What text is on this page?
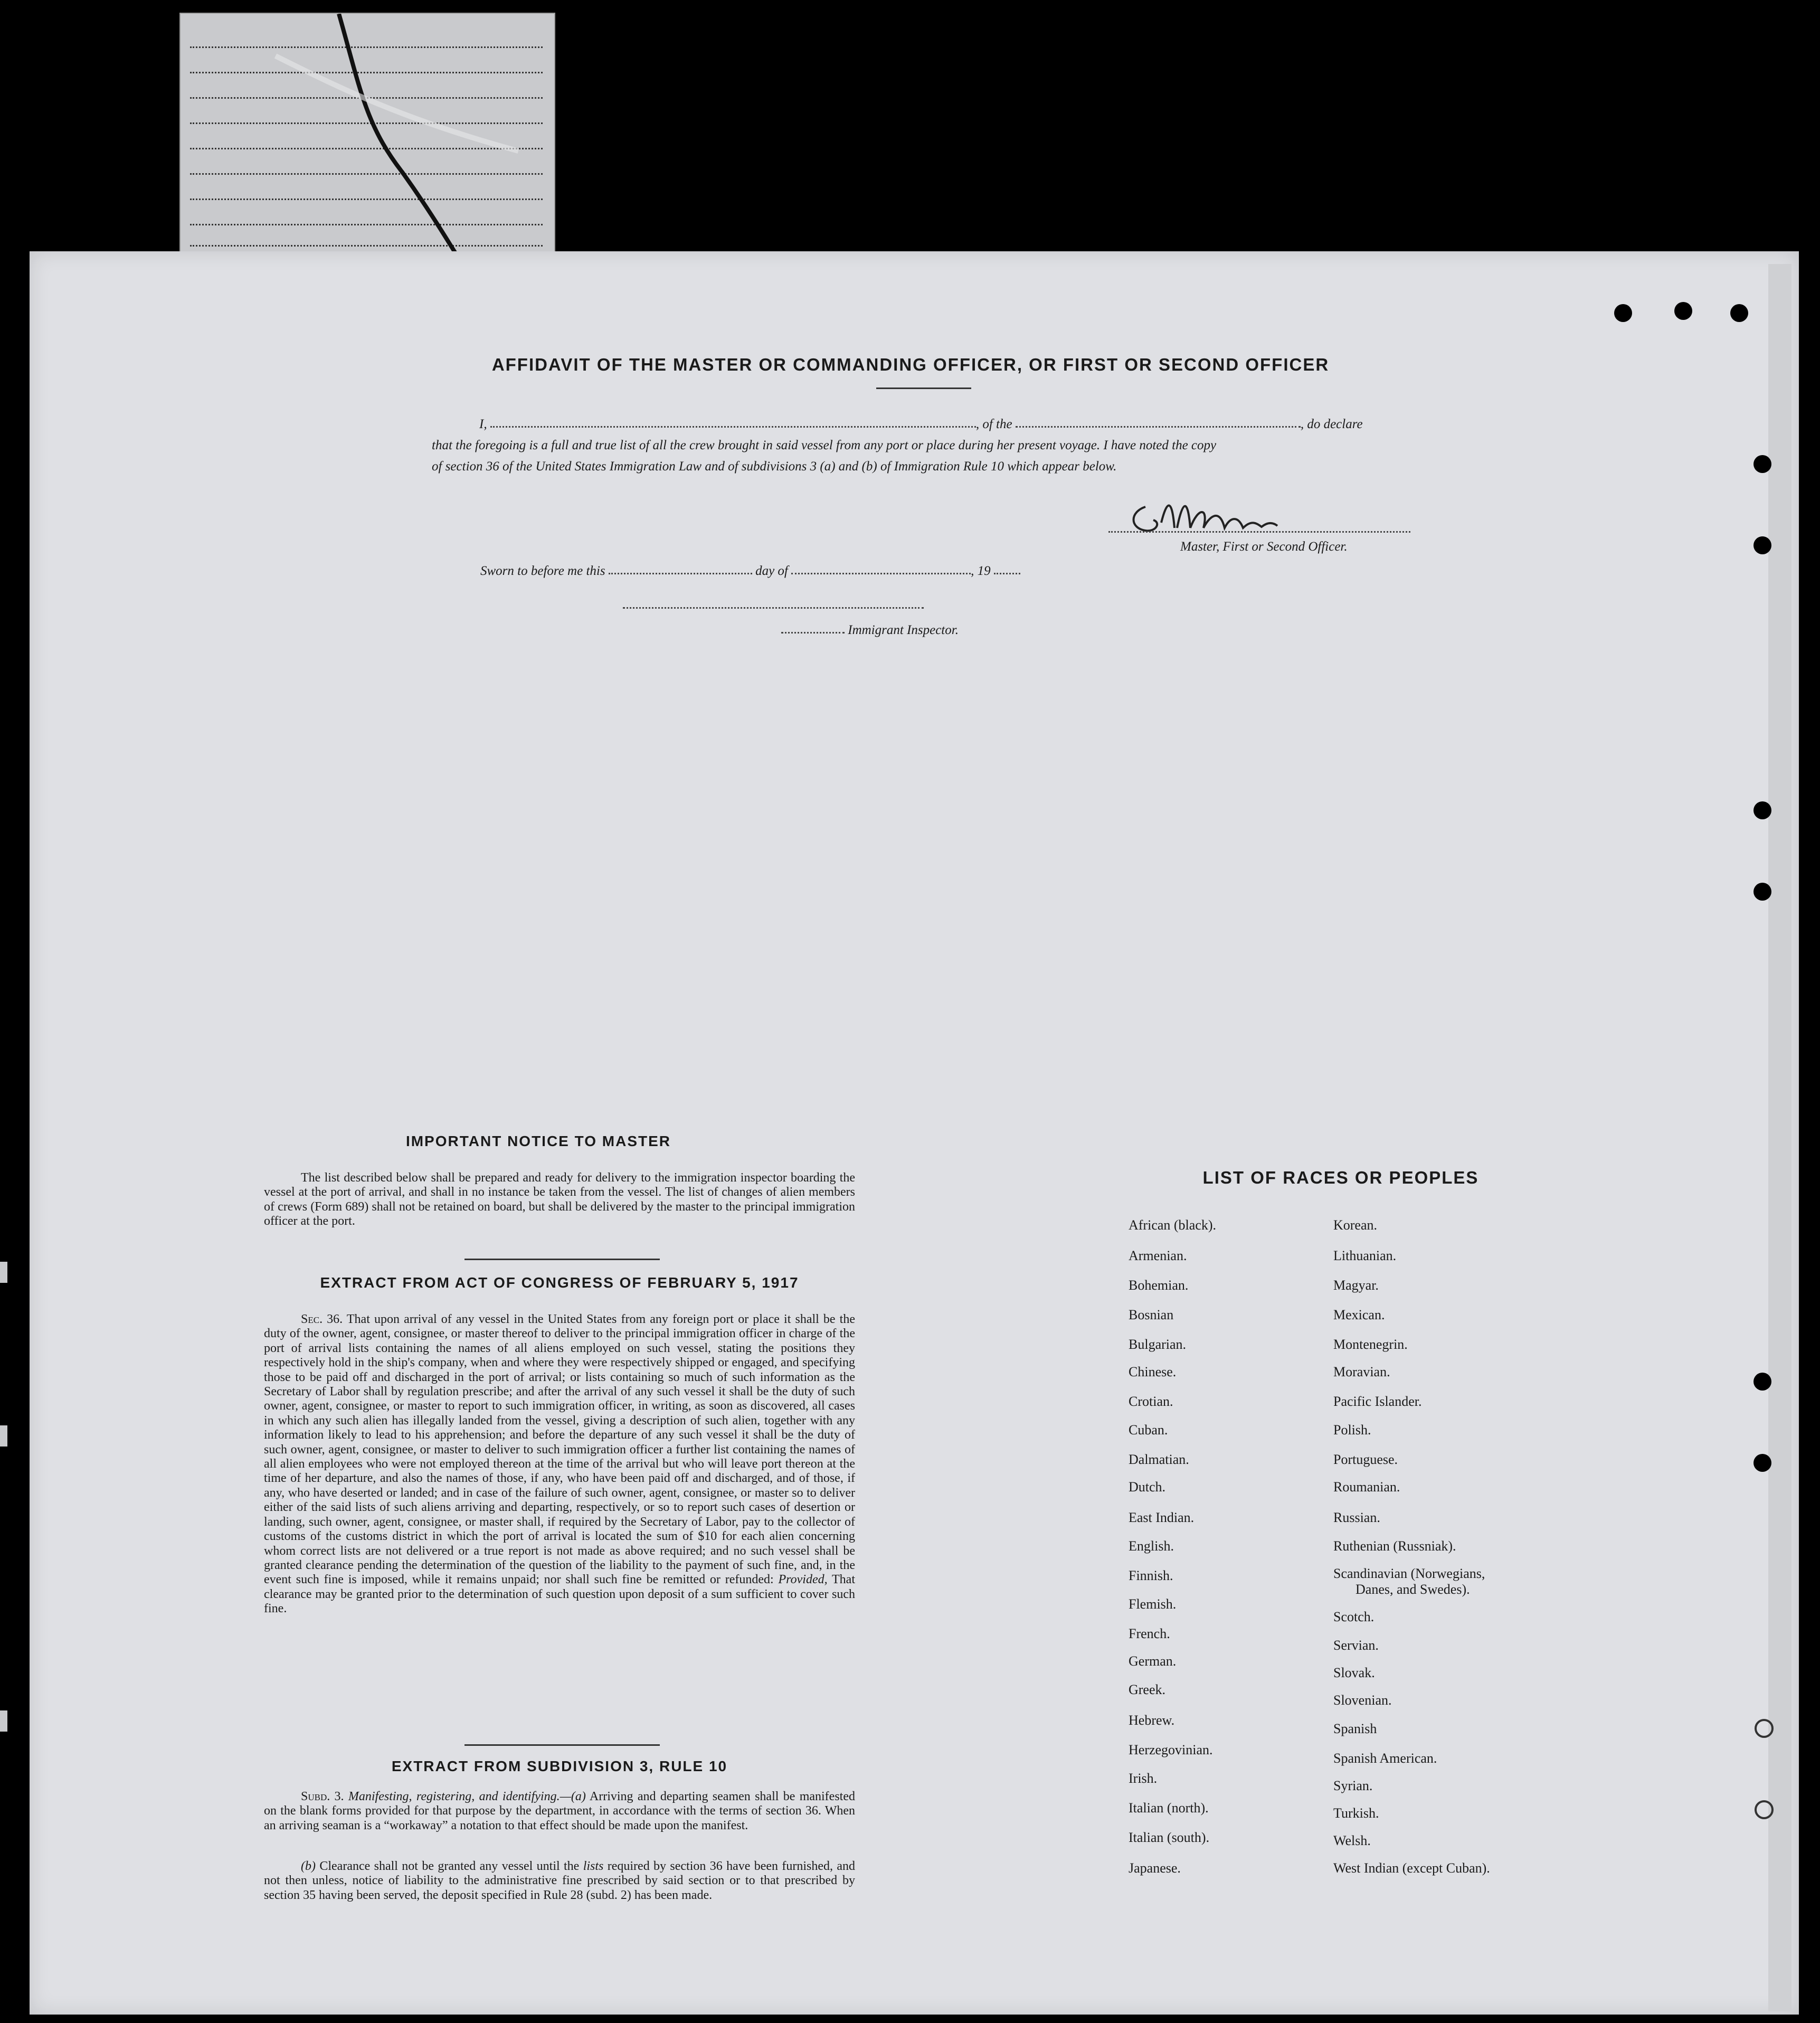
AFFIDAVIT OF THE MASTER OR COMMANDING OFFICER, OR FIRST OR SECOND OFFICER
I,	, of the	, do declare
that the foregoing is a full and true list of all the crew brought in said vessel from any port or place during her present voyage. I have noted the copy
of section 36 of the United States Immigration Law and of subdivisions 3 (a) and (b) of Immigration Rule 10 which appear below.
Master, First or Second Officer.
Sworn to before me this	day of	, 19
Immigrant Inspector.
IMPORTANT NOTICE TO MASTER
The list described below shall be prepared and ready for delivery to the immigration inspector boarding the vessel at the port of arrival, and shall in no instance be taken from the vessel. The list of changes of alien members of crews (Form 689) shall not be retained on board, but shall be delivered by the master to the principal immigration officer at the port.
EXTRACT FROM ACT OF CONGRESS OF FEBRUARY 5, 1917
Sec. 36. That upon arrival of any vessel in the United States from any foreign port or place it shall be the duty of the owner, agent, consignee, or master thereof to deliver to the principal immigration officer in charge of the port of arrival lists containing the names of all aliens employed on such vessel, stating the positions they respectively hold in the ship's company, when and where they were respectively shipped or engaged, and specifying those to be paid off and discharged in the port of arrival; or lists containing so much of such information as the Secretary of Labor shall by regulation prescribe; and after the arrival of any such vessel it shall be the duty of such owner, agent, consignee, or master to report to such immigration officer, in writing, as soon as discovered, all cases in which any such alien has illegally landed from the vessel, giving a description of such alien, together with any information likely to lead to his apprehension; and before the departure of any such vessel it shall be the duty of such owner, agent, consignee, or master to deliver to such immigration officer a further list containing the names of all alien employees who were not employed thereon at the time of the arrival but who will leave port thereon at the time of her departure, and also the names of those, if any, who have been paid off and discharged, and of those, if any, who have deserted or landed; and in case of the failure of such owner, agent, consignee, or master so to deliver either of the said lists of such aliens arriving and departing, respectively, or so to report such cases of desertion or landing, such owner, agent, consignee, or master shall, if required by the Secretary of Labor, pay to the collector of customs of the customs district in which the port of arrival is located the sum of $10 for each alien concerning whom correct lists are not delivered or a true report is not made as above required; and no such vessel shall be granted clearance pending the determination of the question of the liability to the payment of such fine, and, in the event such fine is imposed, while it remains unpaid; nor shall such fine be remitted or refunded: Provided, That clearance may be granted prior to the determination of such question upon deposit of a sum sufficient to cover such fine.
EXTRACT FROM SUBDIVISION 3, RULE 10
Subd. 3. Manifesting, registering, and identifying.—(a) Arriving and departing seamen shall be manifested on the blank forms provided for that purpose by the department, in accordance with the terms of section 36. When an arriving seaman is a “workaway” a notation to that effect should be made upon the manifest.
(b) Clearance shall not be granted any vessel until the lists required by section 36 have been furnished, and not then unless, notice of liability to the administrative fine prescribed by said section or to that prescribed by section 35 having been served, the deposit specified in Rule 28 (subd. 2) has been made.
LIST OF RACES OR PEOPLES
African (black).
Armenian.
Bohemian.
Bosnian
Bulgarian.
Chinese.
Crotian.
Cuban.
Dalmatian.
Dutch.
East Indian.
English.
Finnish.
Flemish.
French.
German.
Greek.
Hebrew.
Herzegovinian.
Irish.
Italian (north).
Italian (south).
Japanese.
Korean.
Lithuanian.
Magyar.
Mexican.
Montenegrin.
Moravian.
Pacific Islander.
Polish.
Portuguese.
Roumanian.
Russian.
Ruthenian (Russniak).
Scandinavian (Norwegians,
Danes, and Swedes).
Scotch.
Servian.
Slovak.
Slovenian.
Spanish
Spanish American.
Syrian.
Turkish.
Welsh.
West Indian (except Cuban).
